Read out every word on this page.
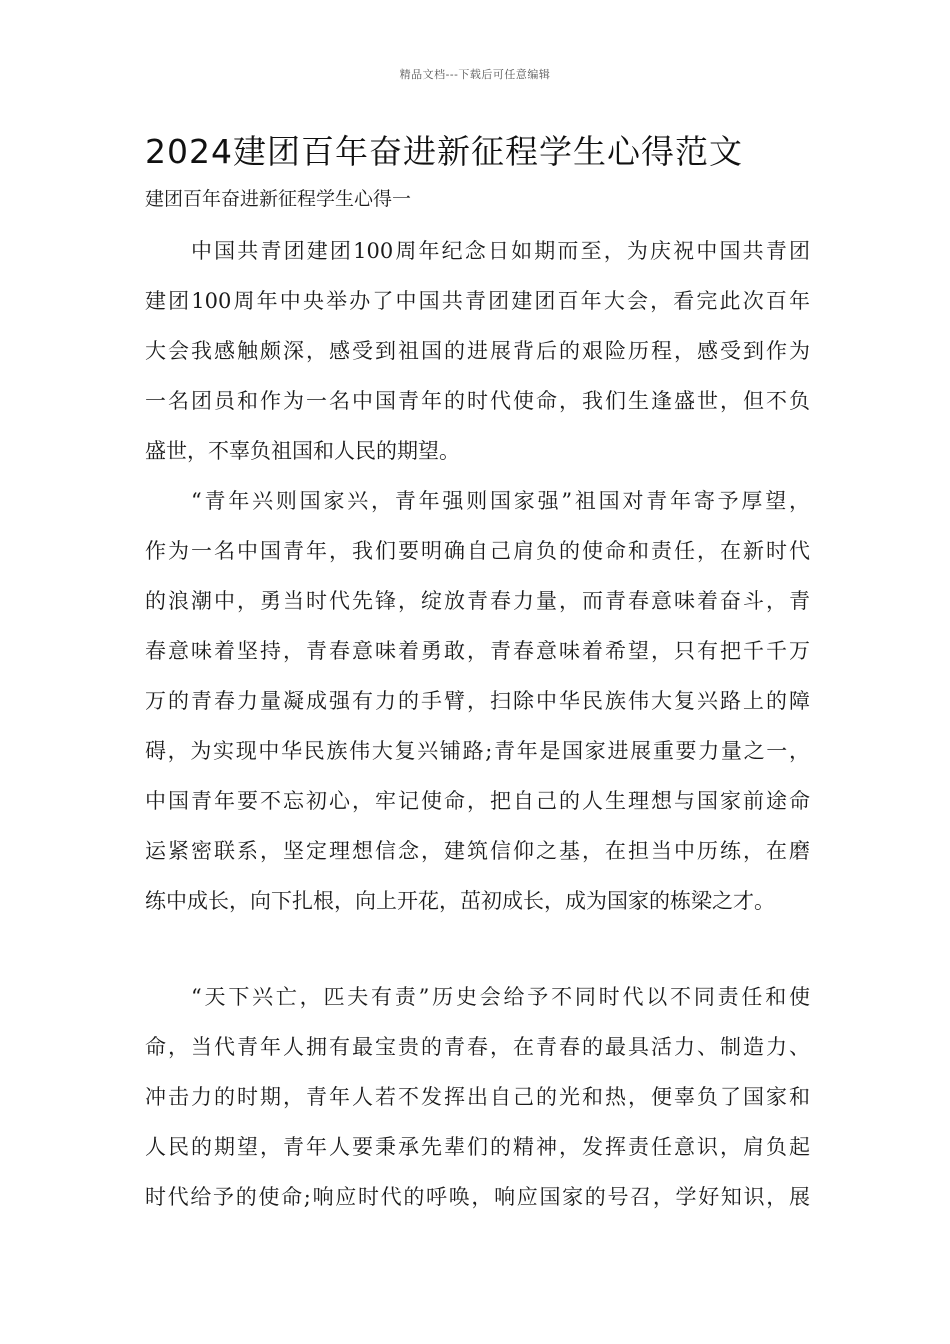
精品文档---下载后可任意编辑
2024建团百年奋进新征程学生心得范文
建团百年奋进新征程学生心得一
中国共青团建团100周年纪念日如期而至，为庆祝中国共青团
建团100周年中央举办了中国共青团建团百年大会，看完此次百年
大会我感触颇深，感受到祖国的进展背后的艰险历程，感受到作为
一名团员和作为一名中国青年的时代使命，我们生逢盛世，但不负
盛世，不辜负祖国和人民的期望。
“青年兴则国家兴，青年强则国家强”祖国对青年寄予厚望，
作为一名中国青年，我们要明确自己肩负的使命和责任，在新时代
的浪潮中，勇当时代先锋，绽放青春力量，而青春意味着奋斗，青
春意味着坚持，青春意味着勇敢，青春意味着希望，只有把千千万
万的青春力量凝成强有力的手臂，扫除中华民族伟大复兴路上的障
碍，为实现中华民族伟大复兴铺路;青年是国家进展重要力量之一，
中国青年要不忘初心，牢记使命，把自己的人生理想与国家前途命
运紧密联系，坚定理想信念，建筑信仰之基，在担当中历练，在磨
练中成长，向下扎根，向上开花，茁初成长，成为国家的栋梁之才。
“天下兴亡，匹夫有责”历史会给予不同时代以不同责任和使
命，当代青年人拥有最宝贵的青春，在青春的最具活力、制造力、
冲击力的时期，青年人若不发挥出自己的光和热，便辜负了国家和
人民的期望，青年人要秉承先辈们的精神，发挥责任意识，肩负起
时代给予的使命;响应时代的呼唤，响应国家的号召，学好知识，展
